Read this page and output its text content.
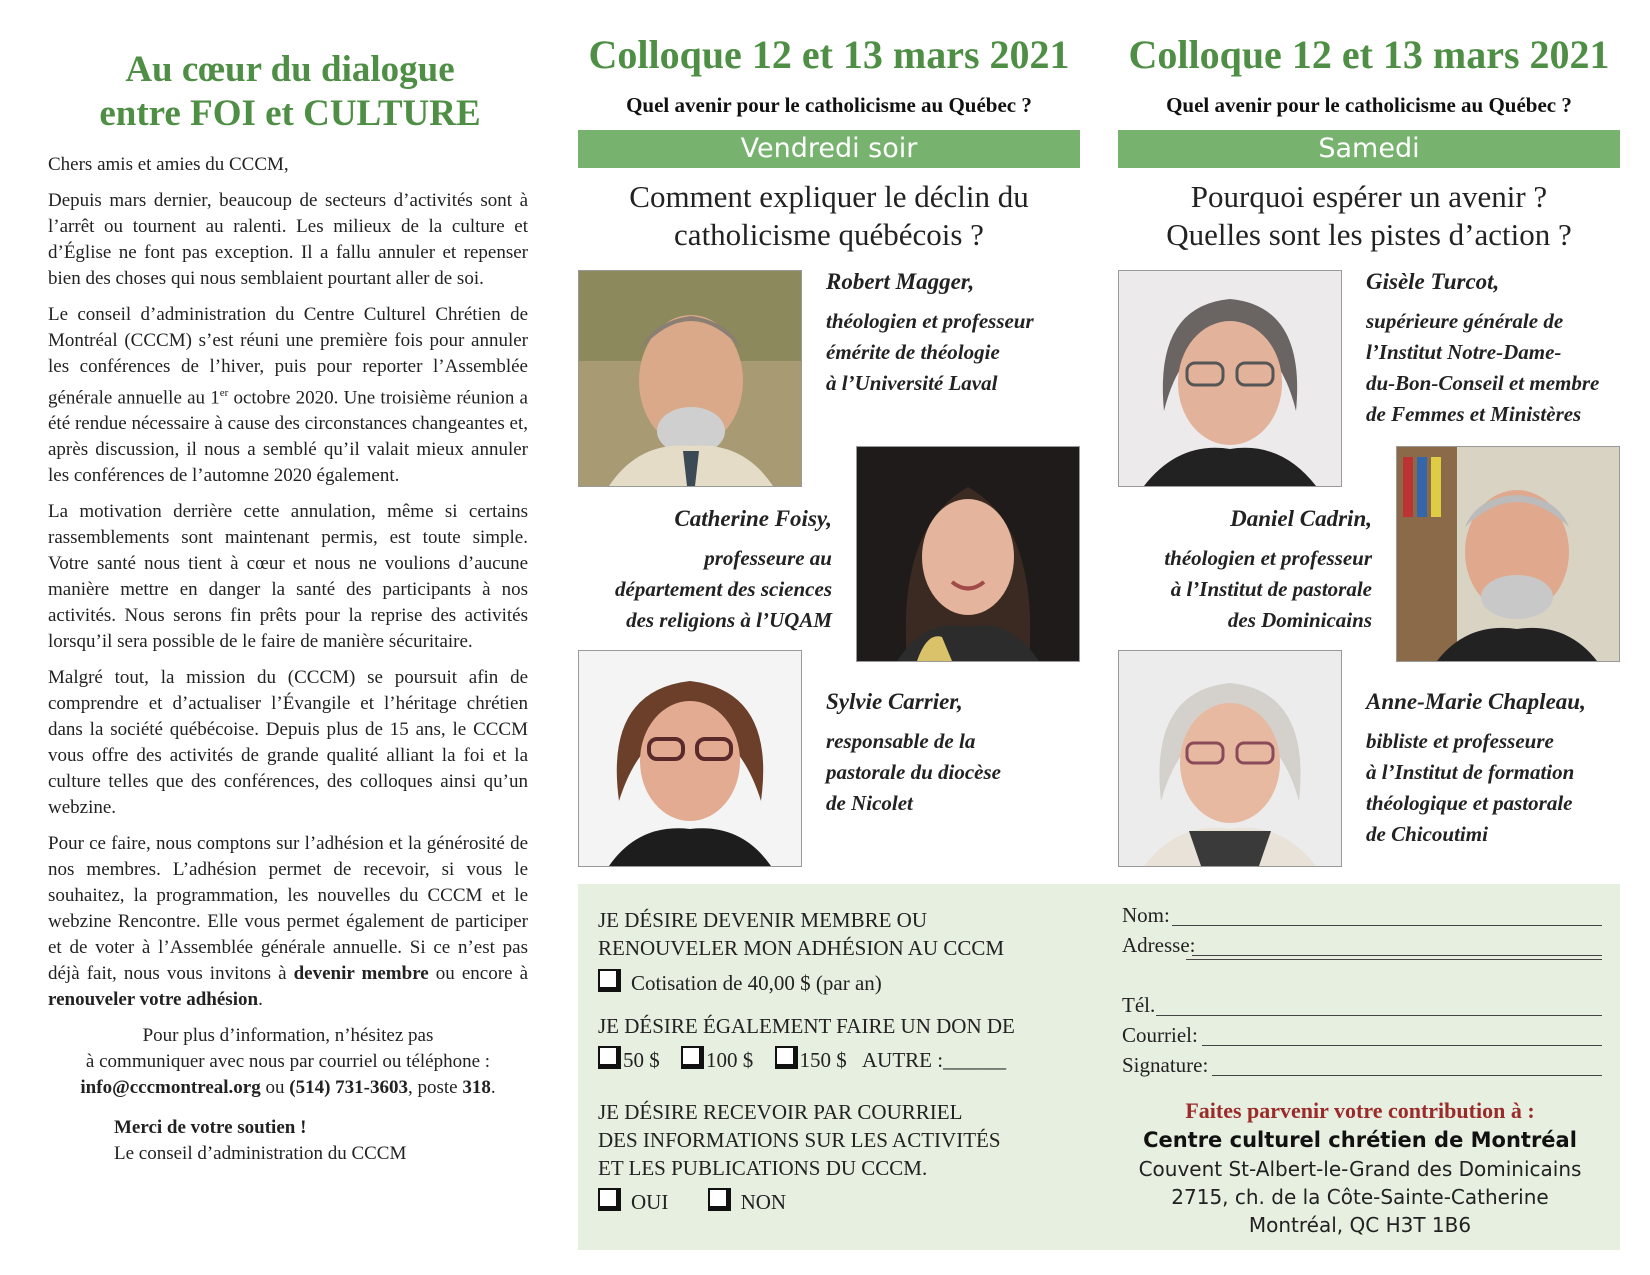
Au cœur du dialogue
entre FOI et CULTURE

Chers amis et amies du CCCM,

Depuis mars dernier, beaucoup de secteurs d’activités sont à l’arrêt ou tournent au ralenti. Les milieux de la culture et d’Église ne font pas exception. Il a fallu annuler et repenser bien des choses qui nous semblaient pourtant aller de soi.

Le conseil d’administration du Centre Culturel Chrétien de Montréal (CCCM) s’est réuni une première fois pour annuler les conférences de l’hiver, puis pour reporter l’Assemblée générale annuelle au 1er octobre 2020. Une troisième réunion a été rendue nécessaire à cause des circonstances changeantes et, après discussion, il nous a semblé qu’il valait mieux annuler les conférences de l’automne 2020 également.

La motivation derrière cette annulation, même si certains rassemblements sont maintenant permis, est toute simple. Votre santé nous tient à cœur et nous ne voulions d’aucune manière mettre en danger la santé des participants à nos activités. Nous serons fin prêts pour la reprise des activités lorsqu’il sera possible de le faire de manière sécuritaire.

Malgré tout, la mission du (CCCM) se poursuit afin de comprendre et d’actualiser l’Évangile et l’héritage chrétien dans la société québécoise. Depuis plus de 15 ans, le CCCM vous offre des activités de grande qualité alliant la foi et la culture telles que des conférences, des colloques ainsi qu’un webzine.

Pour ce faire, nous comptons sur l’adhésion et la générosité de nos membres. L’adhésion permet de recevoir, si vous le souhaitez, la programmation, les nouvelles du CCCM et le webzine Rencontre. Elle vous permet également de participer et de voter à l’Assemblée générale annuelle. Si ce n’est pas déjà fait, nous vous invitons à devenir membre ou encore à renouveler votre adhésion.

Pour plus d’information, n’hésitez pas
à communiquer avec nous par courriel ou téléphone :
info@cccmontreal.org ou (514) 731-3603, poste 318.
Merci de votre soutien !
Le conseil d’administration du CCCM
Colloque 12 et 13 mars 2021
Quel avenir pour le catholicisme au Québec ?
Vendredi soir
Comment expliquer le déclin du
catholicisme québécois ?
Robert Magger,
théologien et professeur
émérite de théologie
à l’Université Laval
Catherine Foisy,
professeure au
département des sciences
des religions à l’UQAM
Sylvie Carrier,
responsable de la
pastorale du diocèse
de Nicolet
Colloque 12 et 13 mars 2021
Quel avenir pour le catholicisme au Québec ?
Samedi
Pourquoi espérer un avenir ?
Quelles sont les pistes d’action ?
Gisèle Turcot,
supérieure générale de
l’Institut Notre-Dame-
du-Bon-Conseil et membre
de Femmes et Ministères
Daniel Cadrin,
théologien et professeur
à l’Institut de pastorale
des Dominicains
Anne-Marie Chapleau,
bibliste et professeure
à l’Institut de formation
théologique et pastorale
de Chicoutimi
JE DÉSIRE DEVENIR MEMBRE OU
RENOUVELER MON ADHÉSION AU CCCM
Cotisation de 40,00 $ (par an)
JE DÉSIRE ÉGALEMENT FAIRE UN DON DE
50 $ 100 $ 150 $ AUTRE :______
JE DÉSIRE RECEVOIR PAR COURRIEL
DES INFORMATIONS SUR LES ACTIVITÉS
ET LES PUBLICATIONS DU CCCM.
OUI	NON
Nom:
Adresse:
Tél.
Courriel:
Signature:
Faites parvenir votre contribution à :
Centre culturel chrétien de Montréal
Couvent St-Albert-le-Grand des Dominicains
2715, ch. de la Côte-Sainte-Catherine
Montréal, QC H3T 1B6
